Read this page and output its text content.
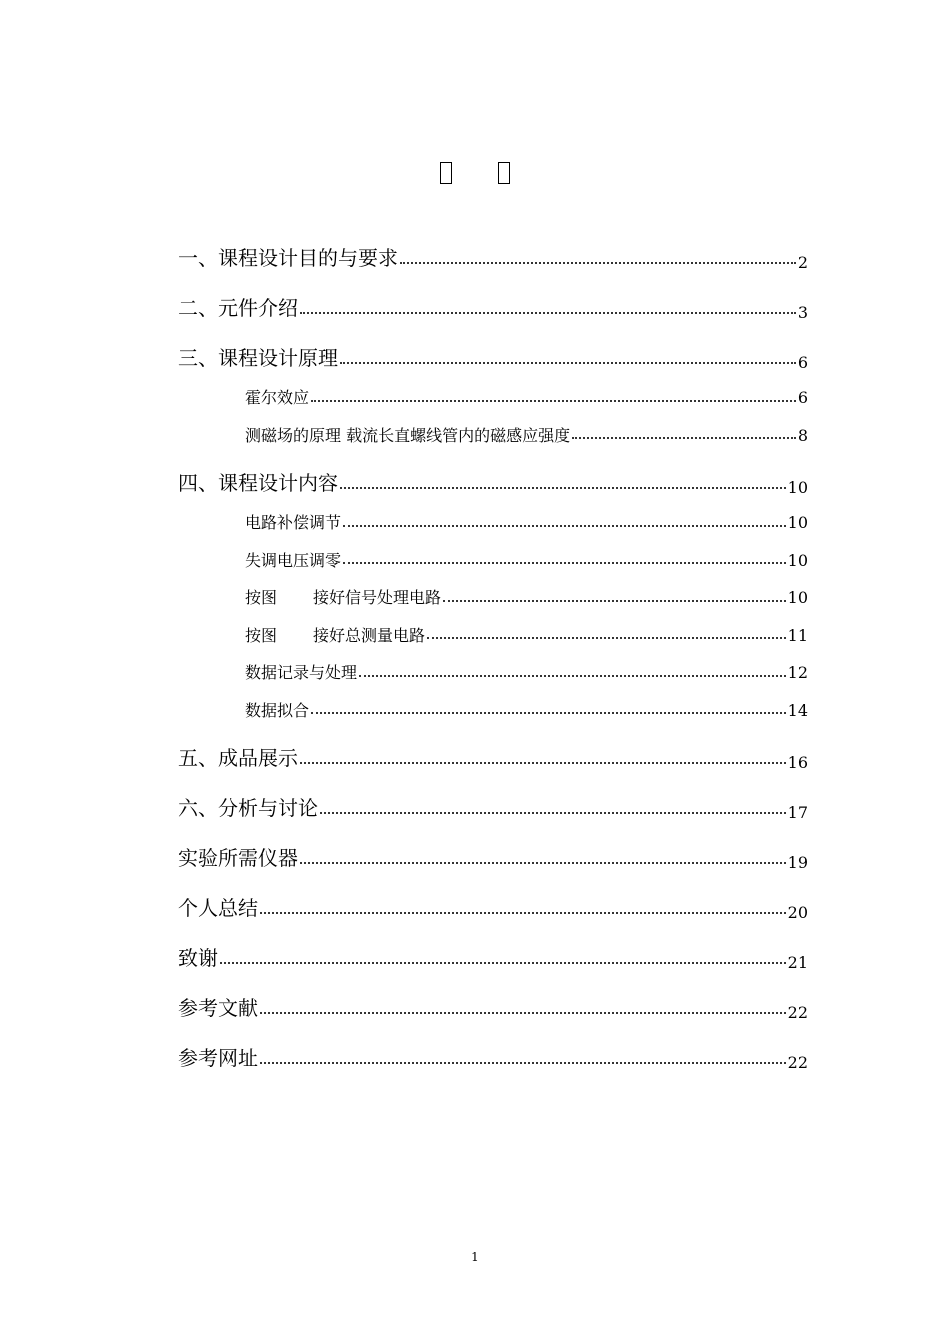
一、课程设计目的与要求	2
二、元件介绍	3
三、课程设计原理	6
霍尔效应	6
测磁场的原理 载流长直螺线管内的磁感应强度	8
四、课程设计内容	10
电路补偿调节	10
失调电压调零	10
按图 接好信号处理电路	10
按图 接好总测量电路	11
数据记录与处理	12
数据拟合	14
五、成品展示	16
六、分析与讨论	17
实验所需仪器	19
个人总结	20
致谢	21
参考文献	22
参考网址	22
1
